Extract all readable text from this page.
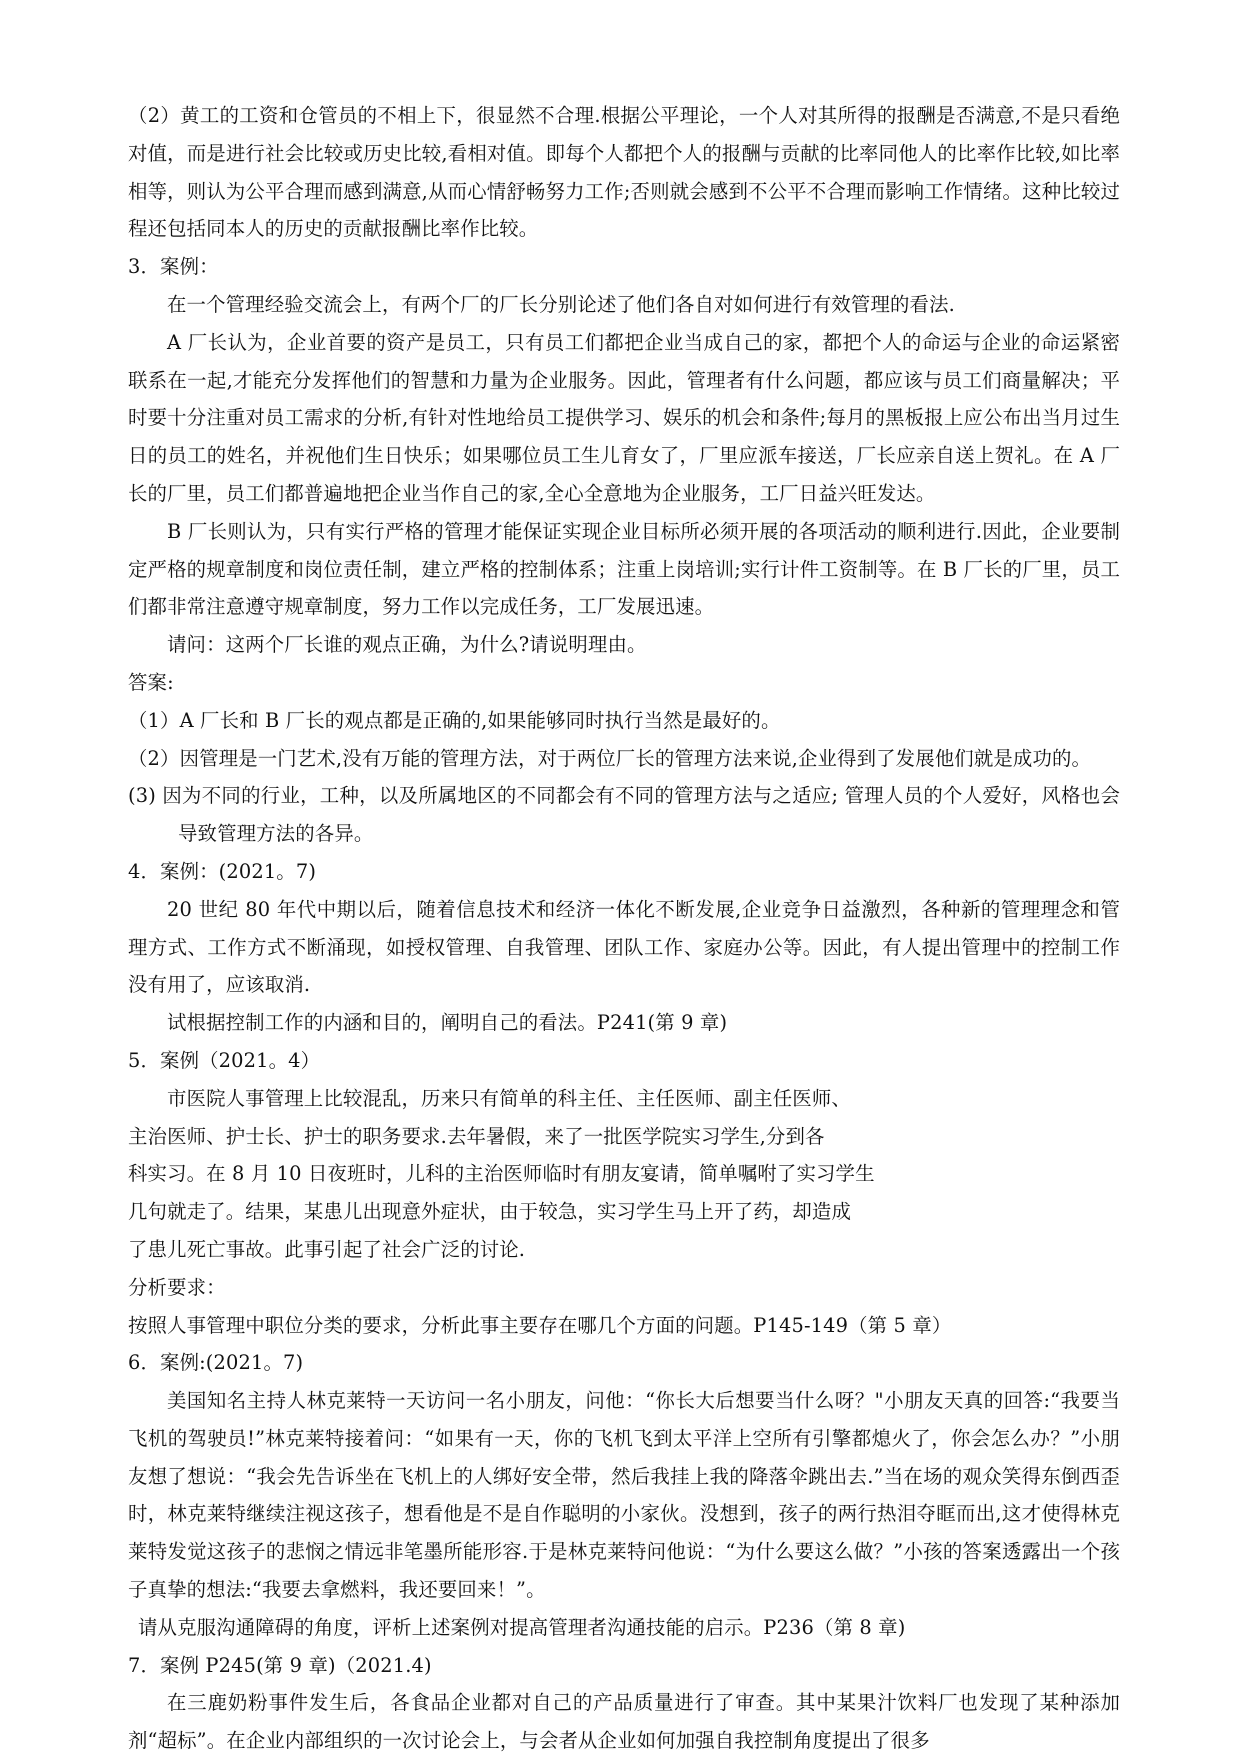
（2）黄工的工资和仓管员的不相上下，很显然不合理.根据公平理论，一个人对其所得的报酬是否满意,不是只看绝对值，而是进行社会比较或历史比较,看相对值。即每个人都把个人的报酬与贡献的比率同他人的比率作比较,如比率相等，则认为公平合理而感到满意,从而心情舒畅努力工作;否则就会感到不公平不合理而影响工作情绪。这种比较过程还包括同本人的历史的贡献报酬比率作比较。

3．案例：

在一个管理经验交流会上，有两个厂的厂长分别论述了他们各自对如何进行有效管理的看法.

A 厂长认为，企业首要的资产是员工，只有员工们都把企业当成自己的家，都把个人的命运与企业的命运紧密联系在一起,才能充分发挥他们的智慧和力量为企业服务。因此，管理者有什么问题，都应该与员工们商量解决；平时要十分注重对员工需求的分析,有针对性地给员工提供学习、娱乐的机会和条件;每月的黑板报上应公布出当月过生日的员工的姓名，并祝他们生日快乐；如果哪位员工生儿育女了，厂里应派车接送，厂长应亲自送上贺礼。在 A 厂长的厂里，员工们都普遍地把企业当作自己的家,全心全意地为企业服务，工厂日益兴旺发达。

B 厂长则认为，只有实行严格的管理才能保证实现企业目标所必须开展的各项活动的顺利进行.因此，企业要制定严格的规章制度和岗位责任制，建立严格的控制体系；注重上岗培训;实行计件工资制等。在 B 厂长的厂里，员工们都非常注意遵守规章制度，努力工作以完成任务，工厂发展迅速。

请问：这两个厂长谁的观点正确，为什么?请说明理由。

答案:

（1）A 厂长和 B 厂长的观点都是正确的,如果能够同时执行当然是最好的。

（2）因管理是一门艺术,没有万能的管理方法，对于两位厂长的管理方法来说,企业得到了发展他们就是成功的。

(3) 因为不同的行业，工种，以及所属地区的不同都会有不同的管理方法与之适应; 管理人员的个人爱好，风格也会导致管理方法的各异。

4．案例：(2021。7)

20 世纪 80 年代中期以后，随着信息技术和经济一体化不断发展,企业竞争日益激烈，各种新的管理理念和管理方式、工作方式不断涌现，如授权管理、自我管理、团队工作、家庭办公等。因此，有人提出管理中的控制工作没有用了，应该取消.

试根据控制工作的内涵和目的，阐明自己的看法。P241(第 9 章)

5．案例（2021。4）

市医院人事管理上比较混乱，历来只有简单的科主任、主任医师、副主任医师、

主治医师、护士长、护士的职务要求.去年暑假，来了一批医学院实习学生,分到各

科实习。在 8 月 10 日夜班时，儿科的主治医师临时有朋友宴请，简单嘱咐了实习学生

几句就走了。结果，某患儿出现意外症状，由于较急，实习学生马上开了药，却造成

了患儿死亡事故。此事引起了社会广泛的讨论.

分析要求：

按照人事管理中职位分类的要求，分析此事主要存在哪几个方面的问题。P145-149（第 5 章）

6．案例:(2021。7)

美国知名主持人林克莱特一天访问一名小朋友，问他：“你长大后想要当什么呀？"小朋友天真的回答:“我要当飞机的驾驶员!”林克莱特接着问：“如果有一天，你的飞机飞到太平洋上空所有引擎都熄火了，你会怎么办？”小朋友想了想说：“我会先告诉坐在飞机上的人绑好安全带，然后我挂上我的降落伞跳出去.”当在场的观众笑得东倒西歪时，林克莱特继续注视这孩子，想看他是不是自作聪明的小家伙。没想到，孩子的两行热泪夺眶而出,这才使得林克莱特发觉这孩子的悲悯之情远非笔墨所能形容.于是林克莱特问他说：“为什么要这么做？”小孩的答案透露出一个孩子真挚的想法:“我要去拿燃料，我还要回来！”。

请从克服沟通障碍的角度，评析上述案例对提高管理者沟通技能的启示。P236（第 8 章)

7．案例 P245(第 9 章)（2021.4)

在三鹿奶粉事件发生后，各食品企业都对自己的产品质量进行了审查。其中某果汁饮料厂也发现了某种添加剂“超标”。在企业内部组织的一次讨论会上，与会者从企业如何加强自我控制角度提出了很多
